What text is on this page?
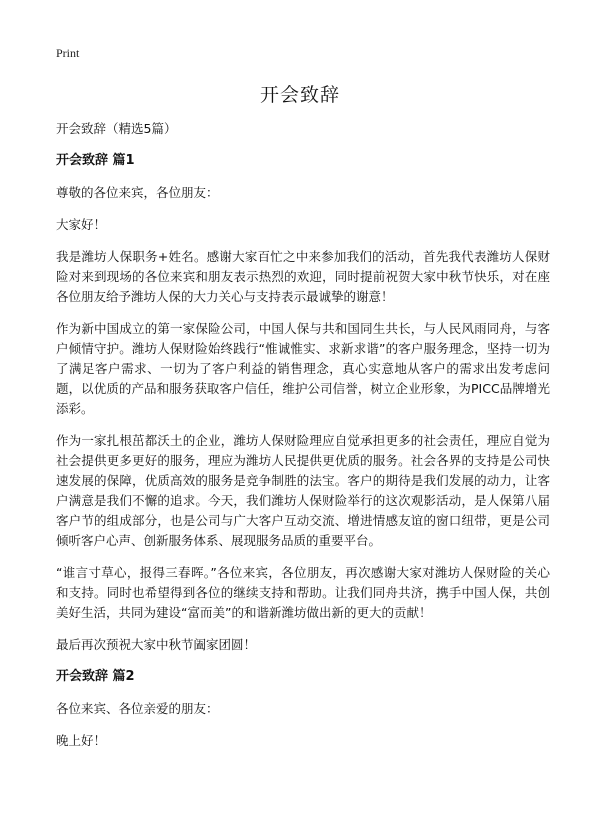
Print
开会致辞
开会致辞（精选5篇）
开会致辞 篇1
尊敬的各位来宾，各位朋友：
大家好！
我是潍坊人保职务+姓名。感谢大家百忙之中来参加我们的活动，首先我代表潍坊人保财险对来到现场的各位来宾和朋友表示热烈的欢迎，同时提前祝贺大家中秋节快乐，对在座各位朋友给予潍坊人保的大力关心与支持表示最诚挚的谢意！
作为新中国成立的第一家保险公司，中国人保与共和国同生共长，与人民风雨同舟，与客户倾情守护。潍坊人保财险始终践行“惟诚惟实、求新求谐”的客户服务理念，坚持一切为了满足客户需求、一切为了客户利益的销售理念，真心实意地从客户的需求出发考虑问题，以优质的产品和服务获取客户信任，维护公司信誉，树立企业形象，为PICC品牌增光添彩。
作为一家扎根茁都沃土的企业，潍坊人保财险理应自觉承担更多的社会责任，理应自觉为社会提供更多更好的服务，理应为潍坊人民提供更优质的服务。社会各界的支持是公司快速发展的保障，优质高效的服务是竞争制胜的法宝。客户的期待是我们发展的动力，让客户满意是我们不懈的追求。今天，我们潍坊人保财险举行的这次观影活动，是人保第八届客户节的组成部分，也是公司与广大客户互动交流、增进情感友谊的窗口纽带，更是公司倾听客户心声、创新服务体系、展现服务品质的重要平台。
“谁言寸草心，报得三春晖。”各位来宾，各位朋友，再次感谢大家对潍坊人保财险的关心和支持。同时也希望得到各位的继续支持和帮助。让我们同舟共济，携手中国人保，共创美好生活，共同为建设“富而美”的和谐新潍坊做出新的更大的贡献！
最后再次预祝大家中秋节阖家团圆！
开会致辞 篇2
各位来宾、各位亲爱的朋友：
晚上好！
